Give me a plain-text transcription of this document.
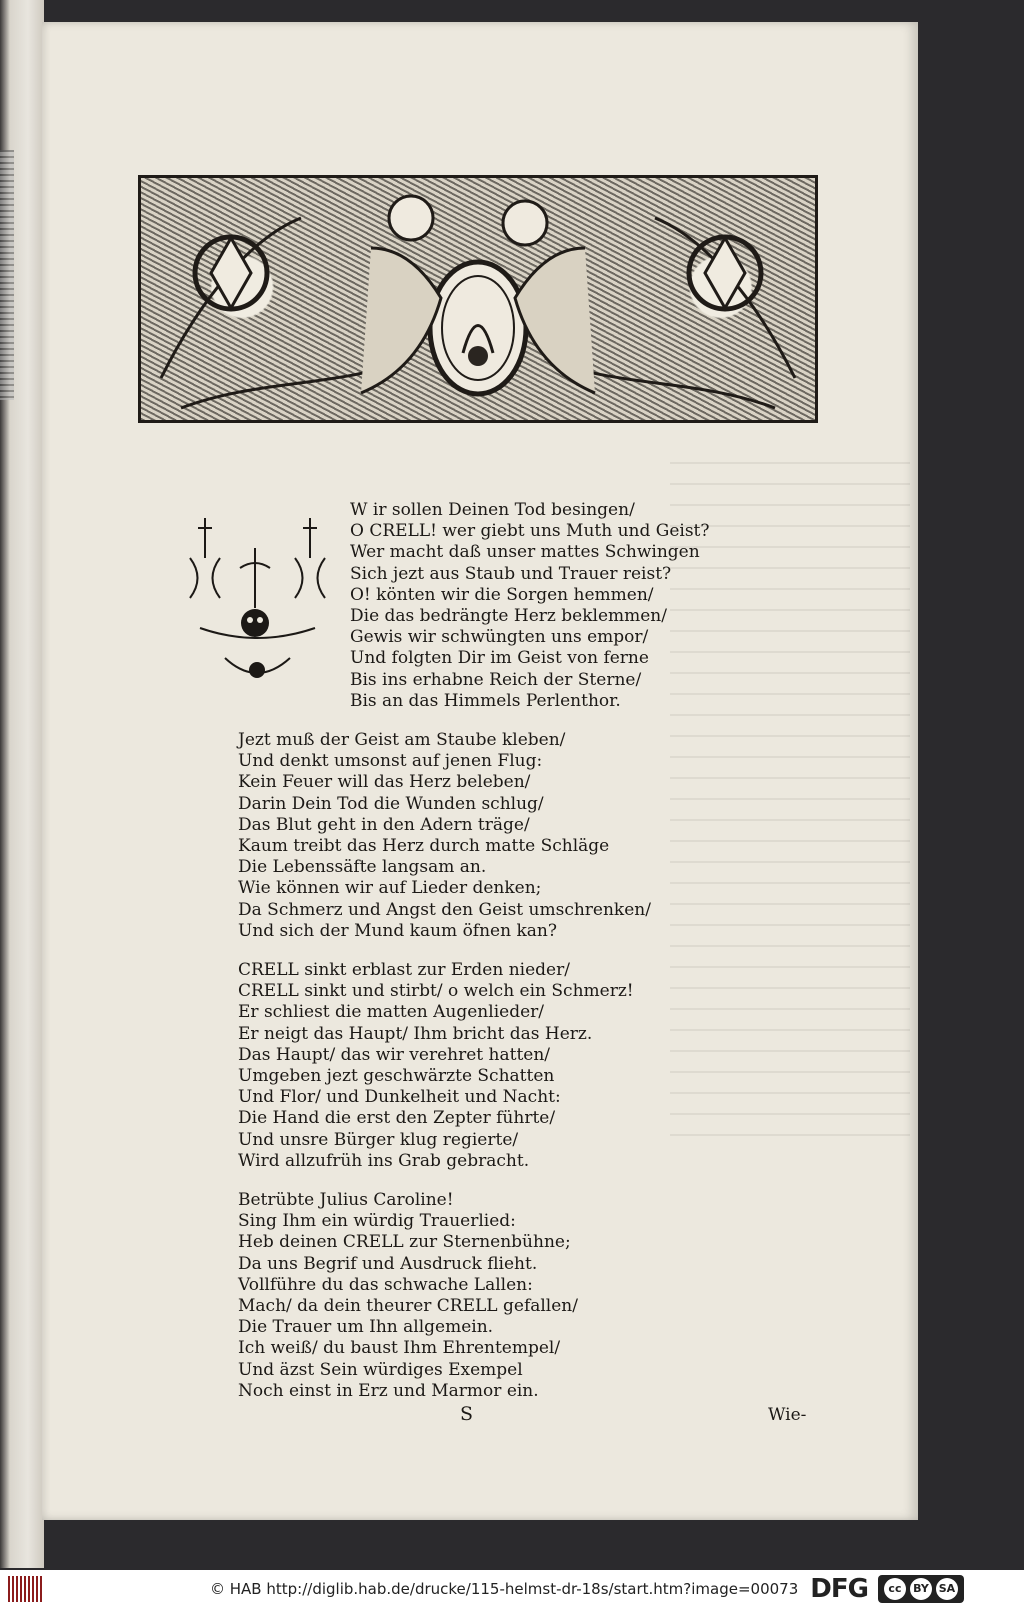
W ir sollen Deinen Tod besingen/
O CRELL! wer giebt uns Muth und Geist?
Wer macht daß unser mattes Schwingen
Sich jezt aus Staub und Trauer reist?
O! könten wir die Sorgen hemmen/
Die das bedrängte Herz beklemmen/
Gewis wir schwüngten uns empor/
Und folgten Dir im Geist von ferne
Bis ins erhabne Reich der Sterne/
Bis an das Himmels Perlenthor.
Jezt muß der Geist am Staube kleben/
Und denkt umsonst auf jenen Flug:
Kein Feuer will das Herz beleben/
Darin Dein Tod die Wunden schlug/
Das Blut geht in den Adern träge/
Kaum treibt das Herz durch matte Schläge
Die Lebenssäfte langsam an.
Wie können wir auf Lieder denken;
Da Schmerz und Angst den Geist umschrenken/
Und sich der Mund kaum öfnen kan?
CRELL sinkt erblast zur Erden nieder/
CRELL sinkt und stirbt/ o welch ein Schmerz!
Er schliest die matten Augenlieder/
Er neigt das Haupt/ Ihm bricht das Herz.
Das Haupt/ das wir verehret hatten/
Umgeben jezt geschwärzte Schatten
Und Flor/ und Dunkelheit und Nacht:
Die Hand die erst den Zepter führte/
Und unsre Bürger klug regierte/
Wird allzufrüh ins Grab gebracht.
Betrübte Julius Caroline!
Sing Ihm ein würdig Trauerlied:
Heb deinen CRELL zur Sternenbühne;
Da uns Begrif und Ausdruck flieht.
Vollführe du das schwache Lallen:
Mach/ da dein theurer CRELL gefallen/
Die Trauer um Ihn allgemein.
Ich weiß/ du baust Ihm Ehrentempel/
Und äzst Sein würdiges Exempel
Noch einst in Erz und Marmor ein.
S	Wie-
© HAB http://diglib.hab.de/drucke/115-helmst-dr-18s/start.htm?image=00073 DFG	cc	BY SA
